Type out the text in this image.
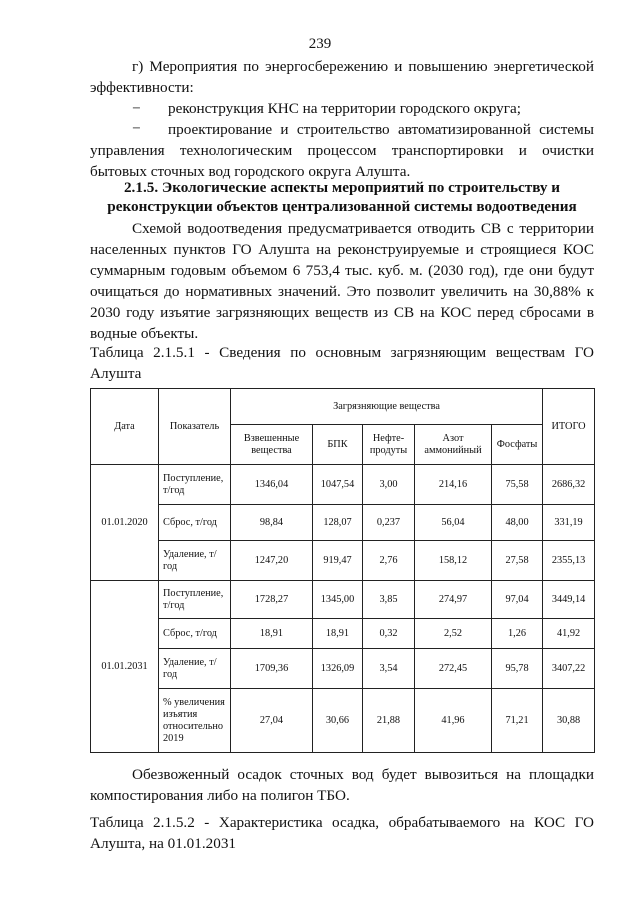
239

г) Мероприятия по энергосбережению и повышению энергетической эффективности:

− реконструкция КНС на территории городского округа;

− проектирование и строительство автоматизированной системы управления технологическим процессом транспортировки и очистки бытовых сточных вод городского округа Алушта.

2.1.5. Экологические аспекты мероприятий по строительству и реконструкции объектов централизованной системы водоотведения

Схемой водоотведения предусматривается отводить СВ с территории населенных пунктов ГО Алушта на реконструируемые и строящиеся КОС суммарным годовым объемом 6 753,4 тыс. куб. м. (2030 год), где они будут очищаться до нормативных значений. Это позволит увеличить на 30,88% к 2030 году изъятие загрязняющих веществ из СВ на КОС перед сбросами в водные объекты.

Таблица 2.1.5.1 - Сведения по основным загрязняющим веществам ГО Алушта

Дата	Показатель	Загрязняющие вещества					ИТОГО
		Взвешенные вещества	БПК	Нефте-продуты	Азот аммонийный	Фосфаты	
01.01.2020	Поступление, т/год	1346,04	1047,54	3,00	214,16	75,58	2686,32
	Сброс, т/год	98,84	128,07	0,237	56,04	48,00	331,19
	Удаление, т/год	1247,20	919,47	2,76	158,12	27,58	2355,13
01.01.2031	Поступление, т/год	1728,27	1345,00	3,85	274,97	97,04	3449,14
	Сброс, т/год	18,91	18,91	0,32	2,52	1,26	41,92
	Удаление, т/год	1709,36	1326,09	3,54	272,45	95,78	3407,22
	% увеличения изъятия относительно 2019	27,04	30,66	21,88	41,96	71,21	30,88

Обезвоженный осадок сточных вод будет вывозиться на площадки компостирования либо на полигон ТБО.

Таблица 2.1.5.2 - Характеристика осадка, обрабатываемого на КОС ГО Алушта, на 01.01.2031
